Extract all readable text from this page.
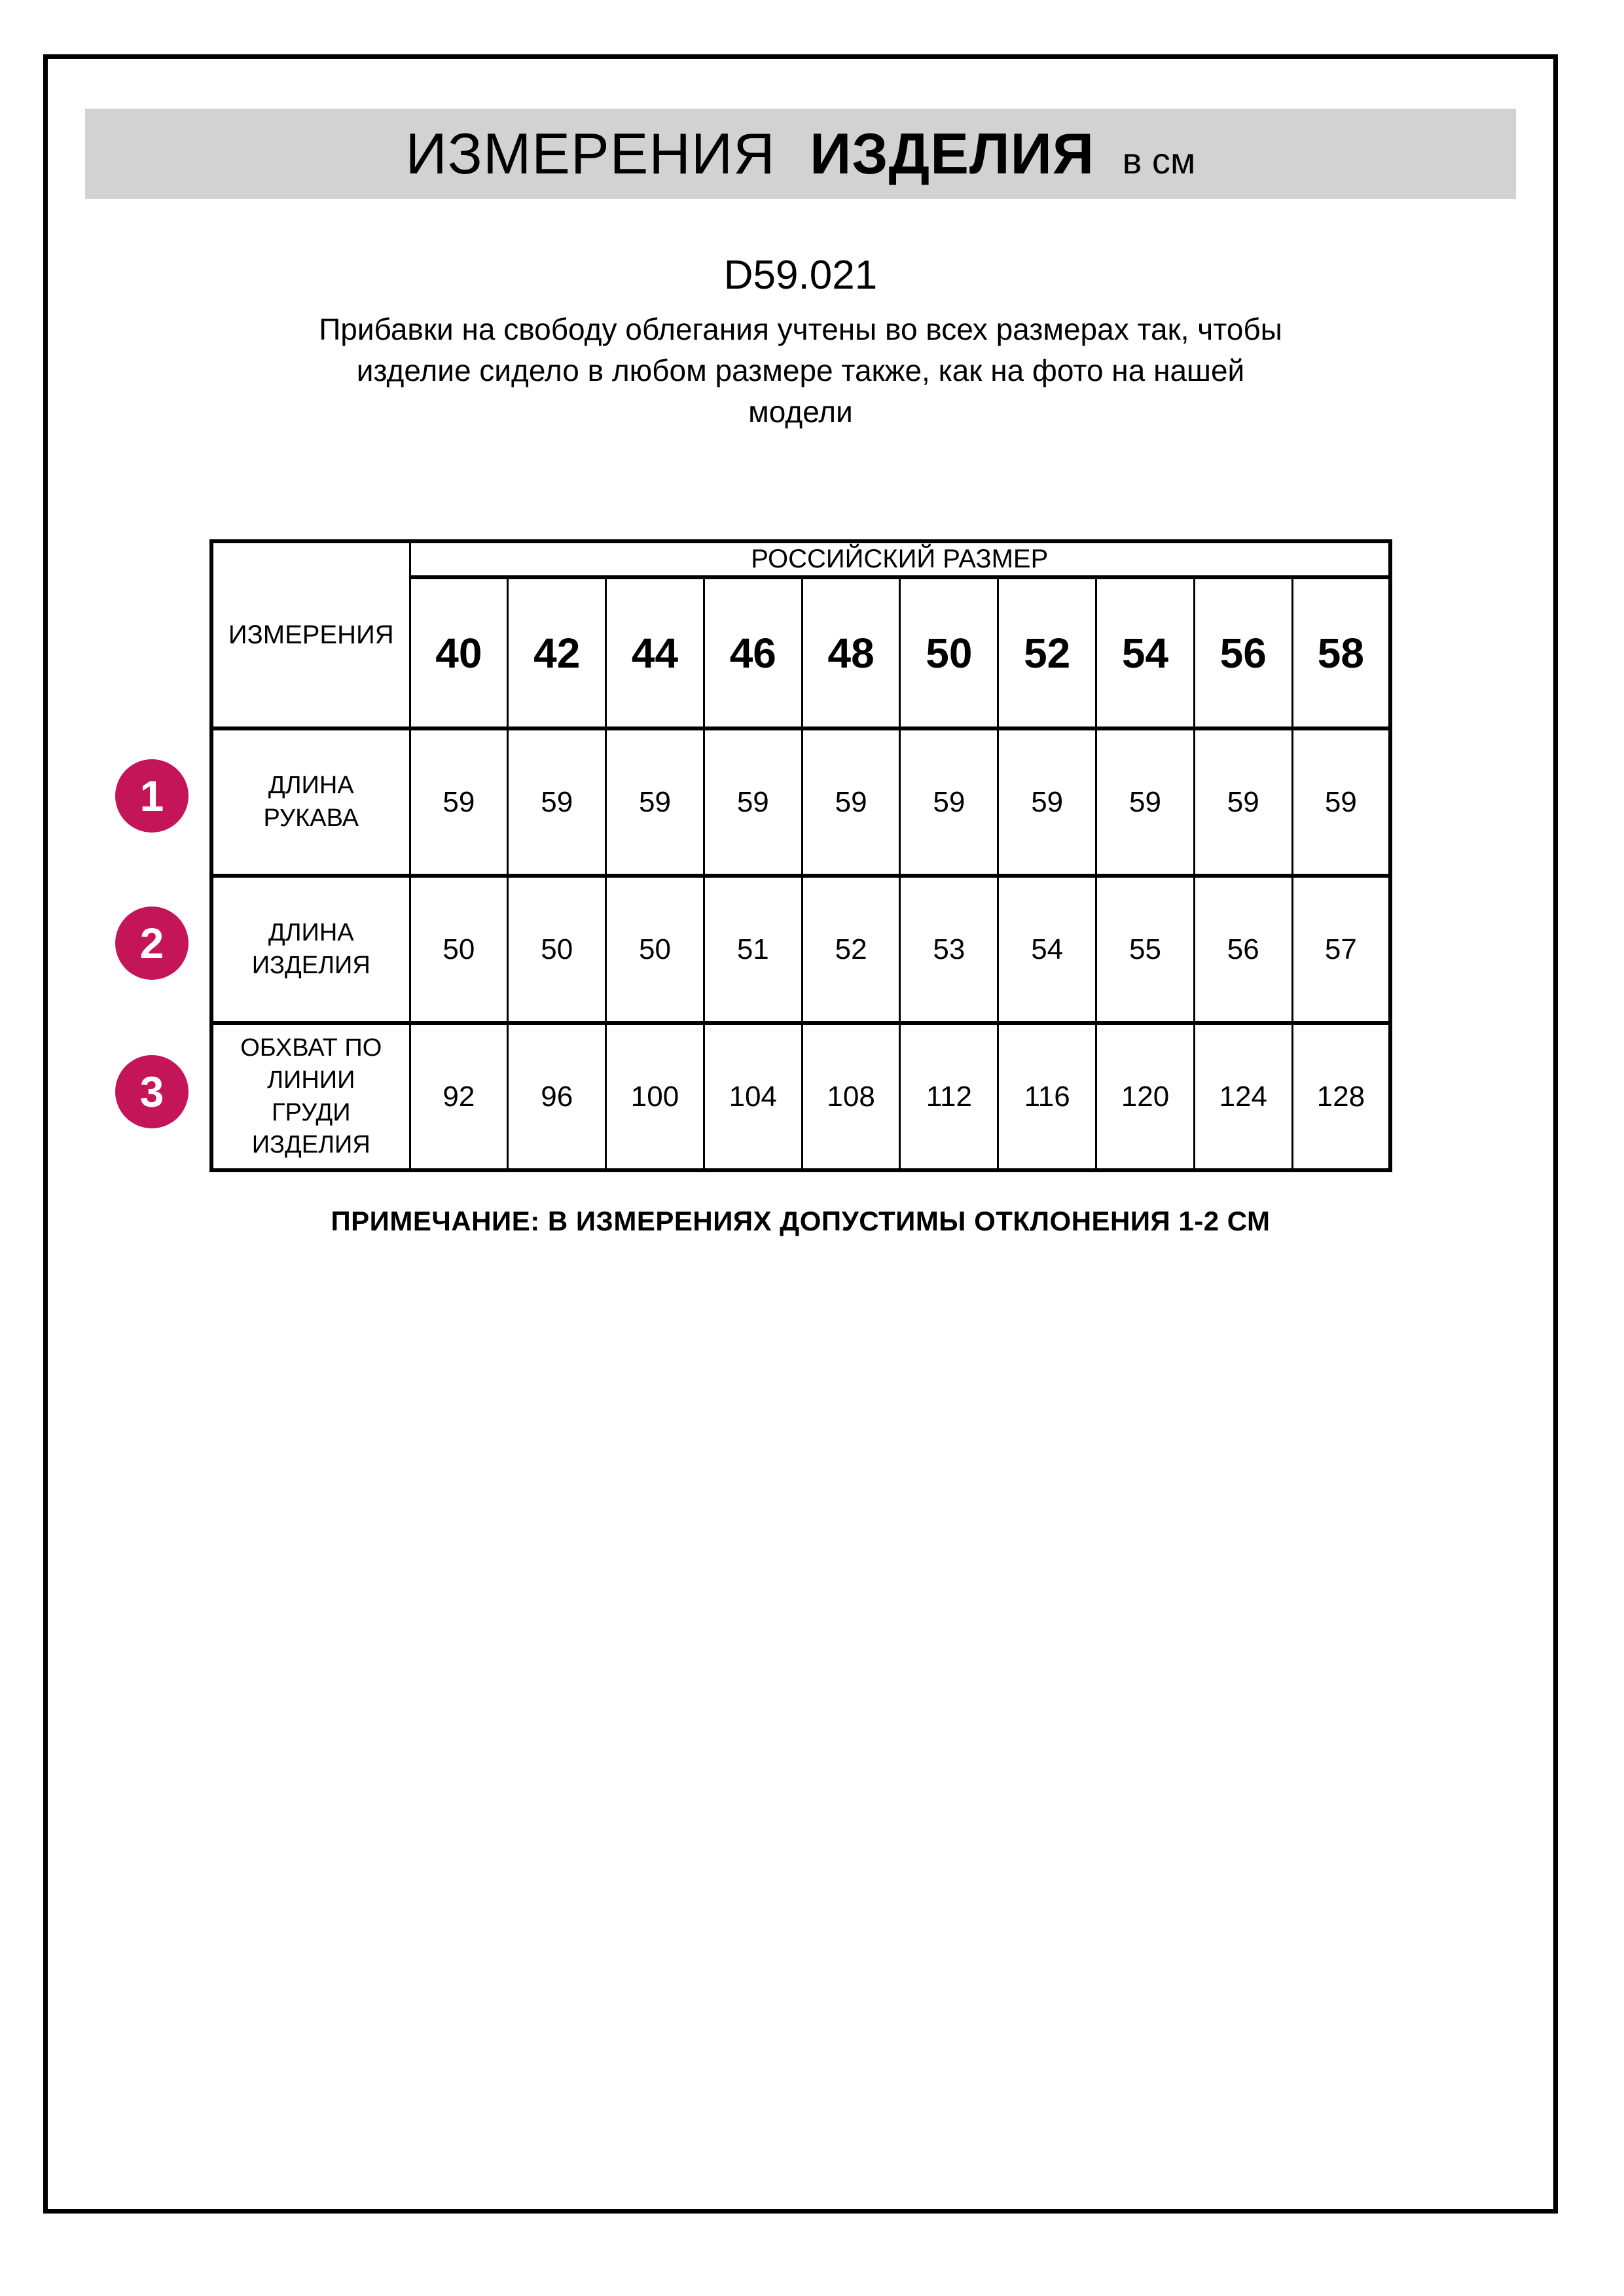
ИЗМЕРЕНИЯ ИЗДЕЛИЯ в см
D59.021
Прибавки на свободу облегания учтены во всех размерах так, чтобы
изделие сидело в любом размере также, как на фото на нашей
модели
ИЗМЕРЕНИЯ	РОССИЙСКИЙ РАЗМЕР									
	40	42	44	46	48	50	52	54	56	58
ДЛИНА
РУКАВА	59	59	59	59	59	59	59	59	59	59
ДЛИНА
ИЗДЕЛИЯ	50	50	50	51	52	53	54	55	56	57
ОБХВАТ ПО
ЛИНИИ
ГРУДИ
ИЗДЕЛИЯ	92	96	100	104	108	112	116	120	124	128
1
2
3
ПРИМЕЧАНИЕ: В ИЗМЕРЕНИЯХ ДОПУСТИМЫ ОТКЛОНЕНИЯ 1-2 СМ
